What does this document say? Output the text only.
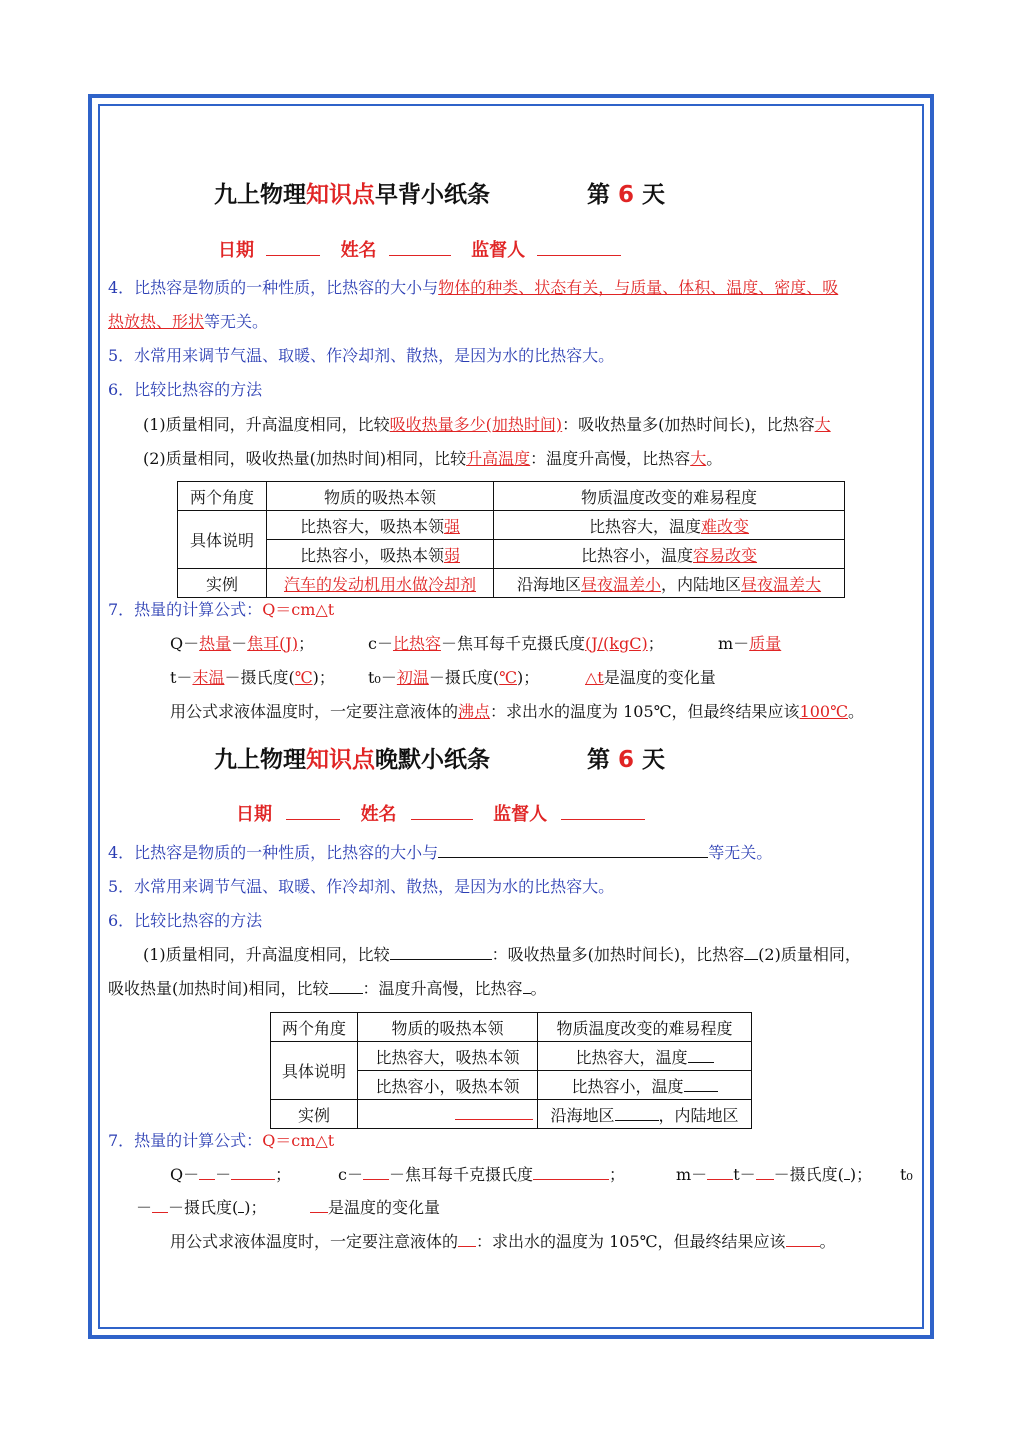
九上物理知识点早背小纸条	第 6 天
日期	姓名	监督人
4．比热容是物质的一种性质，比热容的大小与物体的种类、状态有关，与质量、体积、温度、密度、吸
热放热、形状等无关。
5．水常用来调节气温、取暖、作冷却剂、散热，是因为水的比热容大。
6．比较比热容的方法
(1)质量相同，升高温度相同，比较吸收热量多少(加热时间)：吸收热量多(加热时间长)，比热容大
(2)质量相同，吸收热量(加热时间)相同，比较升高温度：温度升高慢，比热容大。
两个角度	物质的吸热本领	物质温度改变的难易程度
具体说明	比热容大，吸热本领强	比热容大，温度难改变
	比热容小，吸热本领弱	比热容小，温度容易改变
实例	汽车的发动机用水做冷却剂	沿海地区昼夜温差小，内陆地区昼夜温差大
7．热量的计算公式：Q＝cm△t
Q－热量－焦耳(J)；	c－比热容－焦耳每千克摄氏度(J/(kgC)；	m－质量
t－末温－摄氏度(℃)； t₀－初温－摄氏度(℃)；	△t是温度的变化量
用公式求液体温度时，一定要注意液体的沸点：求出水的温度为 105℃，但最终结果应该100℃。
九上物理知识点晚默小纸条	第 6 天
日期	姓名	监督人
4．比热容是物质的一种性质，比热容的大小与	等无关。
5．水常用来调节气温、取暖、作冷却剂、散热，是因为水的比热容大。
6．比较比热容的方法
(1)质量相同，升高温度相同，比较	：吸收热量多(加热时间长)，比热容 (2)质量相同，
吸收热量(加热时间)相同，比较 ：温度升高慢，比热容 。
两个角度	物质的吸热本领	物质温度改变的难易程度
具体说明	比热容大，吸热本领	比热容大，温度
	比热容小，吸热本领	比热容小，温度
实例		沿海地区 ，内陆地区
7．热量的计算公式：Q＝cm△t
Q－ －	；	c－ －焦耳每千克摄氏度	；	m－ t－ －摄氏度( )； t₀
－ －摄氏度( )；	是温度的变化量
用公式求液体温度时，一定要注意液体的 ：求出水的温度为 105℃，但最终结果应该 。
